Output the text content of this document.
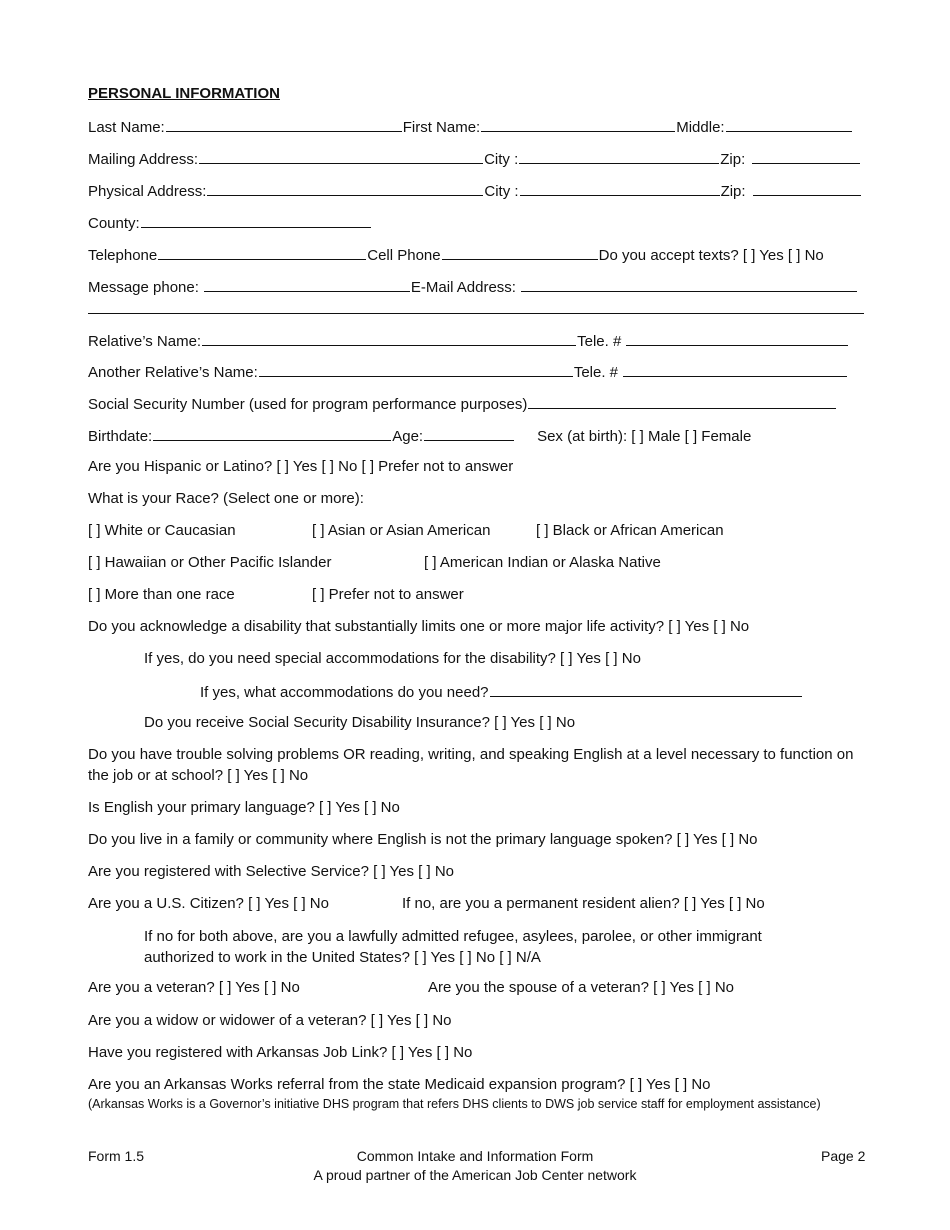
PERSONAL INFORMATION
Last Name:	First Name:	Middle:
Mailing Address:	City :	Zip:
Physical Address:	City :	Zip:
County:
Telephone	Cell Phone	Do you accept texts? [ ] Yes [ ] No
Message phone:	E-Mail Address:
Relative’s Name:	Tele. #
Another Relative’s Name:	Tele. #
Social Security Number (used for program performance purposes)
Birthdate:	Age:	Sex (at birth): [ ] Male [ ] Female
Are you Hispanic or Latino? [ ] Yes [ ] No [ ] Prefer not to answer
What is your Race? (Select one or more):
[ ] White or Caucasian	[ ] Asian or Asian American	[ ] Black or African American
[ ] Hawaiian or Other Pacific Islander	[ ] American Indian or Alaska Native
[ ] More than one race	[ ] Prefer not to answer
Do you acknowledge a disability that substantially limits one or more major life activity? [ ] Yes [ ] No
If yes, do you need special accommodations for the disability? [ ] Yes [ ] No
If yes, what accommodations do you need?
Do you receive Social Security Disability Insurance? [ ] Yes [ ] No
Do you have trouble solving problems OR reading, writing, and speaking English at a level necessary to function on the job or at school? [ ] Yes [ ] No
Is English your primary language? [ ] Yes [ ] No
Do you live in a family or community where English is not the primary language spoken? [ ] Yes [ ] No
Are you registered with Selective Service? [ ] Yes [ ] No
Are you a U.S. Citizen? [ ] Yes [ ] No	If no, are you a permanent resident alien? [ ] Yes [ ] No
If no for both above, are you a lawfully admitted refugee, asylees, parolee, or other immigrant authorized to work in the United States? [ ] Yes [ ] No [ ] N/A
Are you a veteran? [ ] Yes [ ] No	Are you the spouse of a veteran? [ ] Yes [ ] No
Are you a widow or widower of a veteran? [ ] Yes [ ] No
Have you registered with Arkansas Job Link? [ ] Yes [ ] No
Are you an Arkansas Works referral from the state Medicaid expansion program? [ ] Yes [ ] No
(Arkansas Works is a Governor’s initiative DHS program that refers DHS clients to DWS job service staff for employment assistance)
Form 1.5	Common Intake and Information Form
A proud partner of the American Job Center network
Page 2
